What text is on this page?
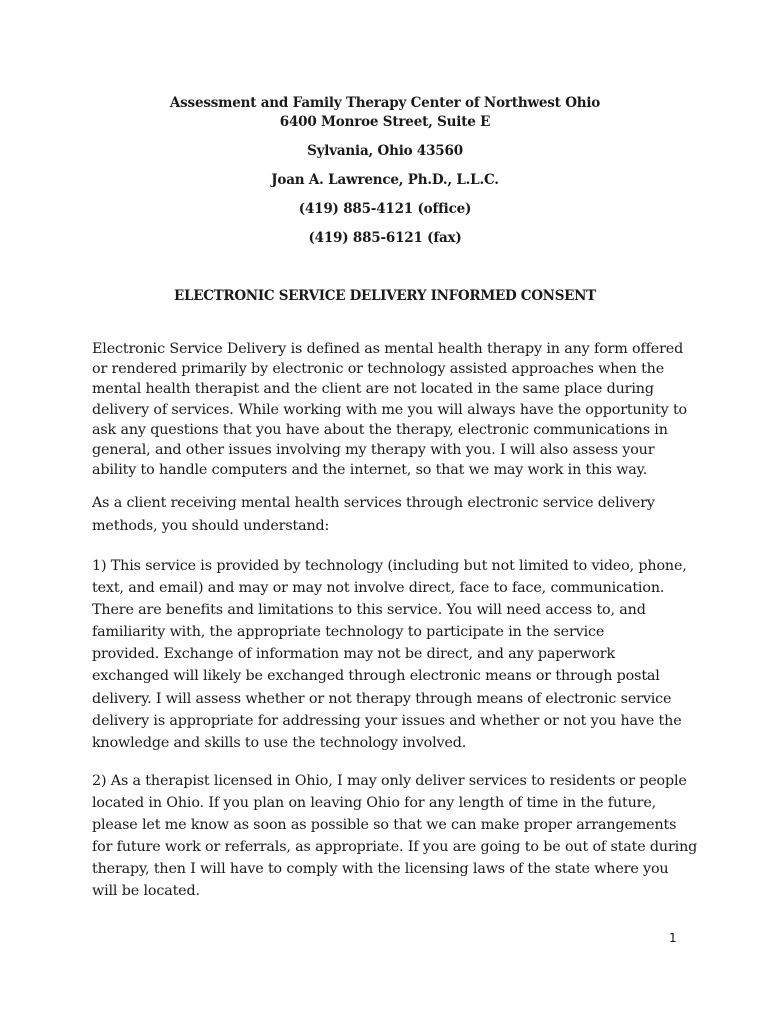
Assessment and Family Therapy Center of Northwest Ohio
6400 Monroe Street, Suite E
Sylvania, Ohio 43560
Joan A. Lawrence, Ph.D., L.L.C.
(419) 885-4121 (office)
(419) 885-6121 (fax)
ELECTRONIC SERVICE DELIVERY INFORMED CONSENT

Electronic Service Delivery is defined as mental health therapy in any form offered
or rendered primarily by electronic or technology assisted approaches when the
mental health therapist and the client are not located in the same place during
delivery of services. While working with me you will always have the opportunity to
ask any questions that you have about the therapy, electronic communications in
general, and other issues involving my therapy with you. I will also assess your
ability to handle computers and the internet, so that we may work in this way.

As a client receiving mental health services through electronic service delivery
methods, you should understand:

1) This service is provided by technology (including but not limited to video, phone,
text, and email) and may or may not involve direct, face to face, communication.
There are benefits and limitations to this service. You will need access to, and
familiarity with, the appropriate technology to participate in the service
provided. Exchange of information may not be direct, and any paperwork
exchanged will likely be exchanged through electronic means or through postal
delivery. I will assess whether or not therapy through means of electronic service
delivery is appropriate for addressing your issues and whether or not you have the
knowledge and skills to use the technology involved.

2) As a therapist licensed in Ohio, I may only deliver services to residents or people
located in Ohio. If you plan on leaving Ohio for any length of time in the future,
please let me know as soon as possible so that we can make proper arrangements
for future work or referrals, as appropriate. If you are going to be out of state during
therapy, then I will have to comply with the licensing laws of the state where you
will be located.

1
